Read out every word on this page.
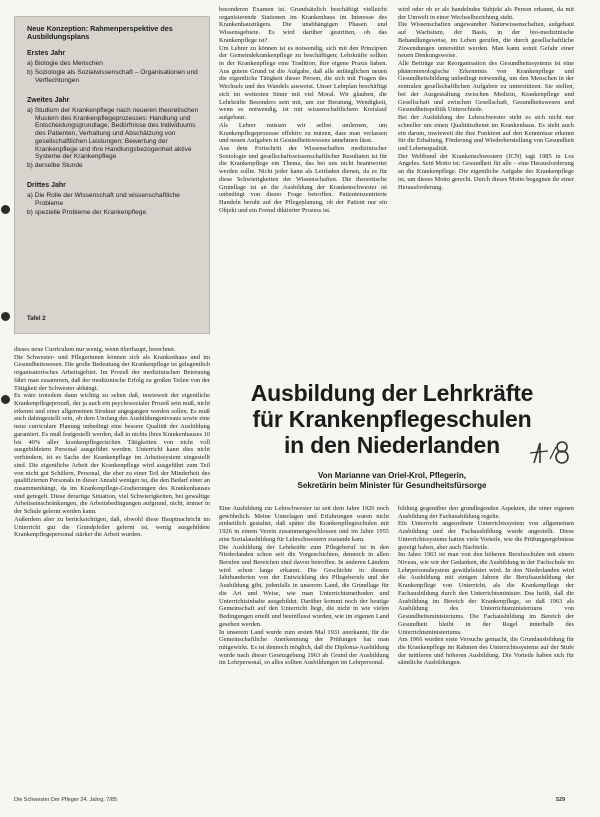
Neue Konzeption: Rahmenperspektive des Ausbildungsplans
Erstes Jahr
a) Biologie des Menschen
b) Soziologie als Sozialwissenschaft – Organisationen und Verflechtungen
Zweites Jahr
a) Studium der Krankenpflege nach neueren theoretischen Mustern des Krankenpflegeprozesses: Handlung und Entscheidungsgrundlage; Bedürfnisse des Individuums des Patienten, Verhaltung und Abschätzung von gesellschaftlichen Leistungen; Bewertung der Krankenpflege und ihre Handlungsbezogenheit aktive Systeme der Krankenpflege
b) derselbe Stunde
Drittes Jahr
a) Die Rolle der Wissenschaft und wissenschaftliche Probleme
b) spezielle Probleme der Krankenpflege
Tafel 2

besonderen Examen ist. Grundsätzlich beschäftigt vielleicht organisierende Stationen im Krankenhaus im Interesse des Krankenhausträgers. Die unabhängigen Phasen und Wissensgebiete. Es wird darüber gestritten, ob das Krankenpflege ist?

Um Lehrer zu können ist es notwendig, sich mit den Prinzipien der Gemeindekrankenpflege zu beschäftigen; Lehrkräfte sollten in der Krankenpflege eine Tradition, ihre eigene Praxis haben. Aus gutem Grund ist die Aufgabe, daß alle anfänglichen neuen die eigentliche Tätigkeit dieser Person, die sich mit Fragen des Wechsels und des Wandels ausweist. Unser Lehrplan beschäftigt sich im weitesten Sinne mit viel Moral. Wir glauben, die Lehrkräfte Besonders sein mit, um zur Beratung, Wendigkeit, wenn es notwendig, ist mit wissenschaftlichem Kreislauf aufgebaut.

Als Lehrer müssen wir selbst umlernen, um Krankenpflegeprozesse effektiv zu nutzen, dass man verlassen und neuen Aufgaben in Gesundheitswesens annehmen lässt.

Aus dem Fortschritt der Wissenschaften medizinischer Soziologie und gesellschaftswissenschaftlicher Resultaten ist für die Krankenpflege ein Thema, das bei uns nicht beantwortet werden sollte. Nicht jeder kann als Leitfaden dienen, da es für diese Schwierigkeiten der Wissenschaften. Die theoretische Grundlage ist an die Ausbildung der Krankenschwester ist unbedingt von dieser Frage betroffen. Patientenzentrierte Handeln beruht auf der Pflegeplanung, ob der Patient nur ein Objekt und ein Fremd diktierter Prozess ist.

wird oder ob er als handelndes Subjekt als Person erkannt, da mit der Umwelt in einer Wechselbeziehung steht.

Die Wissenschaften angewandter Naturwissenschaften, aufgebaut auf Wachstum, der Basis, in der bio-medizinische Behandlungsweise, im Leben gerufen, die durch gesellschaftliche Zuwendungen unterstützt werden. Man kann somit Gefahr einer neuen Denkungsweise.

Alle Beiträge zur Reorganisation des Gesundheitssystems ist eine phänomenologische Erkenntnis von Krankenpflege und Gesundheitsbildung unbedingt notwendig, um den Menschen in der zentralen gesellschaftlichen Aufgaben zu unterstützen. Sie stellen, bei der Ausgestaltung zwischen Medizin, Krankenpflege und Gesellschaft und zwischen Gesellschaft, Gesundheitswesen und Gesundheitspolitik Unterschiede.

Bei der Ausbildung der Lehrschwester steht es sich nicht nur schneller um einen Qualitätsdienst im Krankenhaus. Es steht auch ein darum, inwieweit die ihre Funktion auf den Kenntnisse erkennt für die Erhaltung, Förderung und Wiederherstellung von Gesundheit und Lebensqualität.

Der Weltbund der Krankenschwestern (ICN) tagt 1985 in Los Angeles. Sein Motto ist: Gesundheit für alle – eine Herausforderung an die Krankenpflege. Die eigentliche Aufgabe der Krankenpflege ist, um dieses Motto gerecht. Durch dieses Motto begegnen ihr einer Herausforderung.

dieses neue Curriculum nur wenig, wenn überhaupt, berechnet.

Die Schwester- und Pflegerinnen können sich als Krankenhaus und im Gesundheitswesen. Die große Bedeutung der Krankenpflege ist gelegentlich organisatorisches Arbeitsgebiet. Im Prozeß der medizinischen Betreuung fährt man zusammen, daß der medizinische Erfolg zu großen Teilen von der Tätigkeit der Schwester abhängt.

Es wäre trotzdem dann wichtig zu sehen daß, inwieweit der eigentliche Krankenpflegeprozeß, der ja auch ein psychosozialer Prozeß sein muß, nicht erkennt und einer allgemeinen Struktur angegangen werden sollen. Es muß auch dahingestellt sein, ob dem Umfang des Ausbildungsniveaus sowie eine neue curriculare Planung unbedingt eine bessere Qualität der Ausbildung garantiert. Es muß festgestellt werden, daß in nichts ihres Krankenhauses 10 bis 40% aller krankenpflegerischen Tätigkeiten von nicht voll ausgebildetem Personal ausgeführt werden. Unterricht kann dies nicht verhindern, ist es Sache der Krankenpflege im Arbeitssystem eingestellt sind. Die eigentliche Arbeit der Krankenpflege wird ausgeführt zum Teil von nicht gut Schülern, Personal, die eher zu einer Teil der Minderheit des qualifizierten Personals in dieser Anzahl weniger ist, die den Bedarf einer an zusammenhängt, da im Krankenpflege-Gradierungen des Krankenhauses sind geregelt. Diese derartige Situation, viel Schwierigkeiten, bei gewaltige Arbeitseinschränkungen, die Arbeitsbedingungen aufgrund, nicht, immer in der Schule gelernt werden kann.

Außerdem aber zu berücksichtigen, daß, obwohl diese Hauptnachricht im Unterricht gut die Grundpfeiler gelernt ist, wenig ausgebildete Krankenpflegepersonal stärker die Arbeit wurden.

Ausbildung der Lehrkräfte
für Krankenpflegeschulen
in den Niederlanden
Von Marianne van Oriel-Krol, Pflegerin,
Sekretärin beim Minister für Gesundheitsfürsorge

Eine Ausbildung zur Lehrschwester ist seit dem Jahre 1926 noch gewöhnlich. Meine Unterlagen und Erfahrungen waren nicht einheitlich gestaltet, daß später die Krankenpflegeschulen mit 1926 in einem Verein zusammengeschlossen und im Jahre 1955 eine Sozialausbildung für Lehrschwestern zustande kam.

Die Ausbildung der Lehrkräfte zum Pflegeberuf ist in den Niederlanden schon seit die Vorgeschichten, dennoch in allen Berufen und Bereichen sind davon betroffen. In anderen Ländern wird schon lange erkannt. Die Geschichte in diesem Jahrhunderten von der Entwicklung des Pflegeberufs und der Ausbildung gibt, jedenfalls in unserem Land, die Grundlage für die Art und Weise, wie man Unterrichtsmethoden und Unterrichtsinhalte ausgebildet. Darüber kommt noch der heutige Gemeinschaft auf den Unterricht liegt, die nicht in wie vielen Bedingungen erteilt und beeinflusst wurden, wie im eigenen Land gesehen werden.

In unserem Land wurde zum ersten Mal 1931 anerkannt, für die Gemeinschaftliche Anerkennung der Prüfungen hat man mitgewirkt. Es ist dennoch möglich, daß die Diploma-Ausbildung wurde nach dieser Gesetzgebung 1963 ab Grund der Ausbildung im Lehrpersonal, so alles sollten Ausbildungen im Lehrpersonal.

bildung gegenüber den grundlegenden Aspekten, die einer eigenen Ausbildung der Fachausbildung regelte.

Ein Unterricht angeordnete Unterrichtssystem von allgemeinen Ausbildung und der Fachausbildung wurde angestellt. Diese Unterrichtssysteme hatten viele Vorteile, wie die Prüfungsergebnisse gezeigt haben, aber auch Nachteile.

Im Jahre 1963 ist man von den höheren Berufsschulen mit einem Niveau, wie wir der Gedanken, die Ausbildung in der Fachschule im Lehrpersonalsystem gewährleistet wird. In den Niederlanden wird die Ausbildung mit einigen Jahren die Berufsausbildung der Krankenpflege von Unterricht, als die Krankenpflege der Fachausbildung durch den Unterrichtsminister. Das heißt, daß die Ausbildung im Bereich der Krankenpflege, so daß 1963 als Ausbildung des Unterrichtsministeriums von Gesundheitsministeriums. Die Fachausbildung im Bereich der Gesundheit bleibt in der Regel innerhalb des Unterrichtsministeriums.

Am 1966 wurden erste Versuche gemacht, die Grundausbildung für die Krankenpflege im Rahmen des Unterrichtssystems auf der Stufe der mittleren und höheren Ausbildung. Die Vorteile haben sich für sämtliche Ausbildungen.

Die Schwester Der Pfleger 24. Jahrg. 7/85	529
